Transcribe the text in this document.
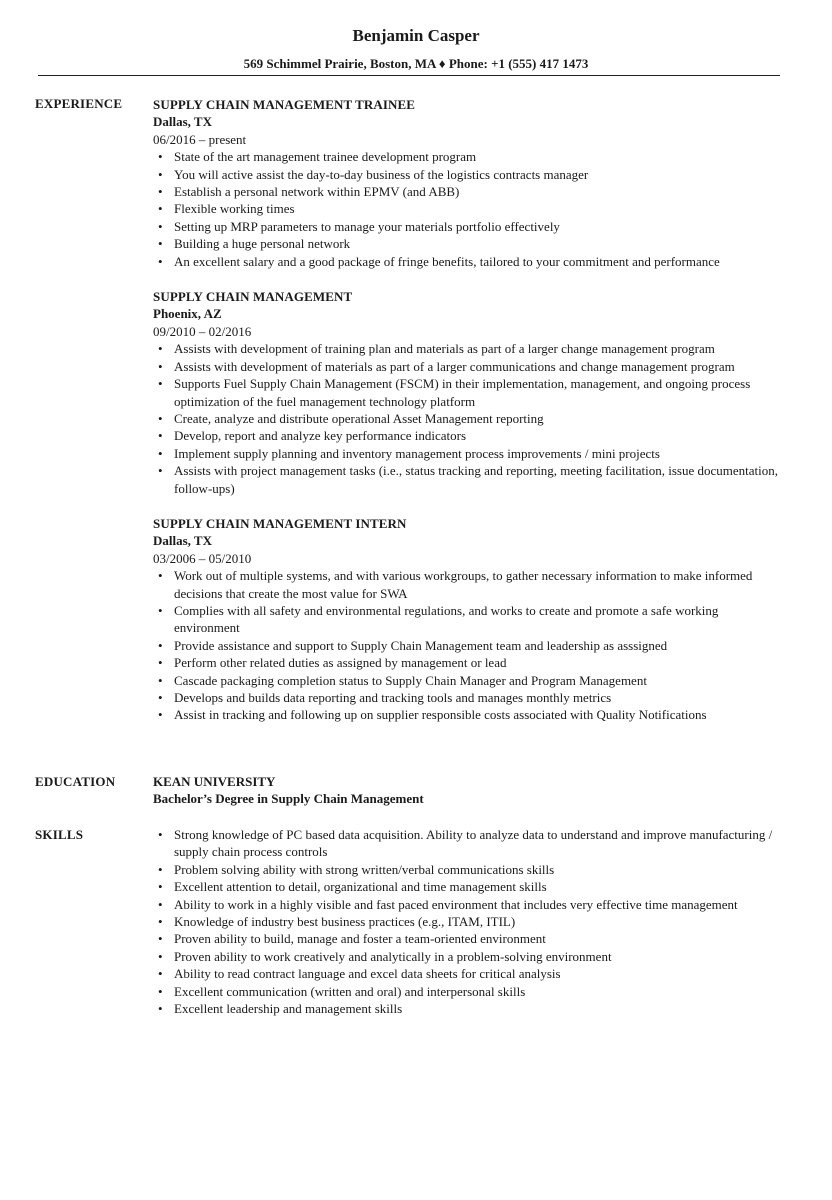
Benjamin Casper
569 Schimmel Prairie, Boston, MA ♦ Phone: +1 (555) 417 1473
EXPERIENCE SUPPLY CHAIN MANAGEMENT TRAINEE
Dallas, TX
06/2016 – present
• State of the art management trainee development program
• You will active assist the day-to-day business of the logistics contracts manager
• Establish a personal network within EPMV (and ABB)
• Flexible working times
• Setting up MRP parameters to manage your materials portfolio effectively
• Building a huge personal network
• An excellent salary and a good package of fringe benefits, tailored to your commitment and performance
SUPPLY CHAIN MANAGEMENT
Phoenix, AZ
09/2010 – 02/2016
• Assists with development of training plan and materials as part of a larger change management program
• Assists with development of materials as part of a larger communications and change management program
• Supports Fuel Supply Chain Management (FSCM) in their implementation, management, and ongoing process optimization of the fuel management technology platform
• Create, analyze and distribute operational Asset Management reporting
• Develop, report and analyze key performance indicators
• Implement supply planning and inventory management process improvements / mini projects
• Assists with project management tasks (i.e., status tracking and reporting, meeting facilitation, issue documentation, follow-ups)
SUPPLY CHAIN MANAGEMENT INTERN
Dallas, TX
03/2006 – 05/2010
• Work out of multiple systems, and with various workgroups, to gather necessary information to make informed decisions that create the most value for SWA
• Complies with all safety and environmental regulations, and works to create and promote a safe working environment
• Provide assistance and support to Supply Chain Management team and leadership as asssigned
• Perform other related duties as assigned by management or lead
• Cascade packaging completion status to Supply Chain Manager and Program Management
• Develops and builds data reporting and tracking tools and manages monthly metrics
• Assist in tracking and following up on supplier responsible costs associated with Quality Notifications
EDUCATION	KEAN UNIVERSITY
Bachelor’s Degree in Supply Chain Management
SKILLS	• Strong knowledge of PC based data acquisition. Ability to analyze data to understand and improve manufacturing / supply chain process controls
• Problem solving ability with strong written/verbal communications skills
• Excellent attention to detail, organizational and time management skills
• Ability to work in a highly visible and fast paced environment that includes very effective time management
• Knowledge of industry best business practices (e.g., ITAM, ITIL)
• Proven ability to build, manage and foster a team-oriented environment
• Proven ability to work creatively and analytically in a problem-solving environment
• Ability to read contract language and excel data sheets for critical analysis
• Excellent communication (written and oral) and interpersonal skills
• Excellent leadership and management skills
